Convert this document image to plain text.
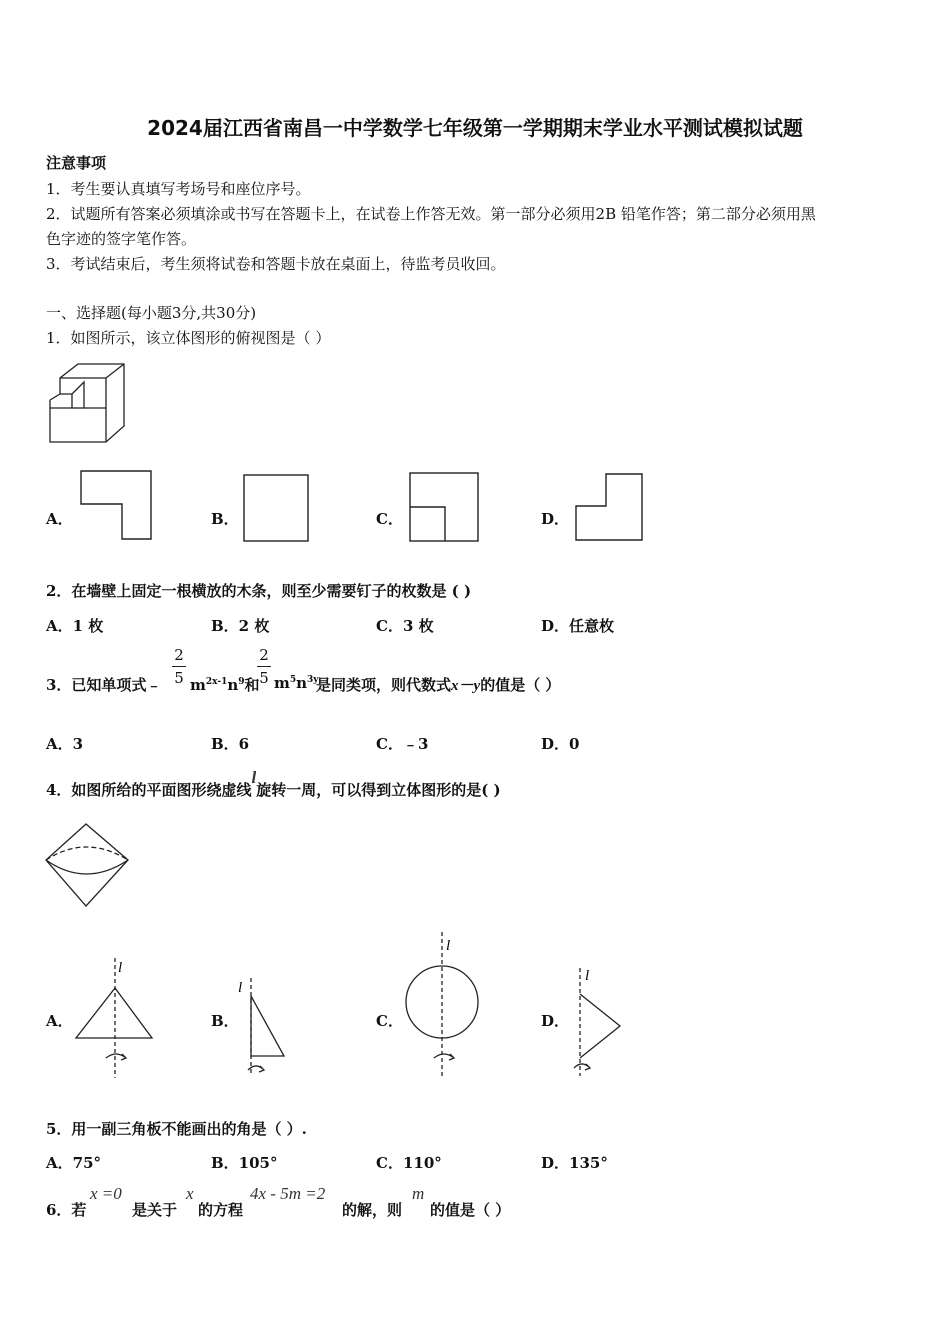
2024届江西省南昌一中学数学七年级第一学期期末学业水平测试模拟试题
注意事项
1．考生要认真填写考场号和座位序号。
2．试题所有答案必须填涂或书写在答题卡上，在试卷上作答无效。第一部分必须用2B 铅笔作答；第二部分必须用黑
色字迹的签字笔作答。
3．考试结束后，考生须将试卷和答题卡放在桌面上，待监考员收回。
一、选择题(每小题3分,共30分)
1．如图所示，该立体图形的俯视图是（ ）
A．	B．	C．	D．
2．在墙壁上固定一根横放的木条，则至少需要钉子的枚数是 ( )
A．1 枚	B．2 枚	C．3 枚	D．任意枚
3．已知单项式﹣
2
5 $m^{2x-1}n^9$和
2
5 $m^5n^{3y}$
是同类项，则代数式x－y的值是（ ）
A．3	B．6	C．﹣3	D．0
4．如图所给的平面图形绕虚线l旋转一周，可以得到立体图形的是( )
A．
l
B．
l
C．
l
D．
l
5．用一副三角板不能画出的角是（ ）.
A．75°	B．105°	C．110°	D．135°
6．若
x =0
是关于
x
的方程
4x - 5m =2
的解，则
m
的值是（ ）
